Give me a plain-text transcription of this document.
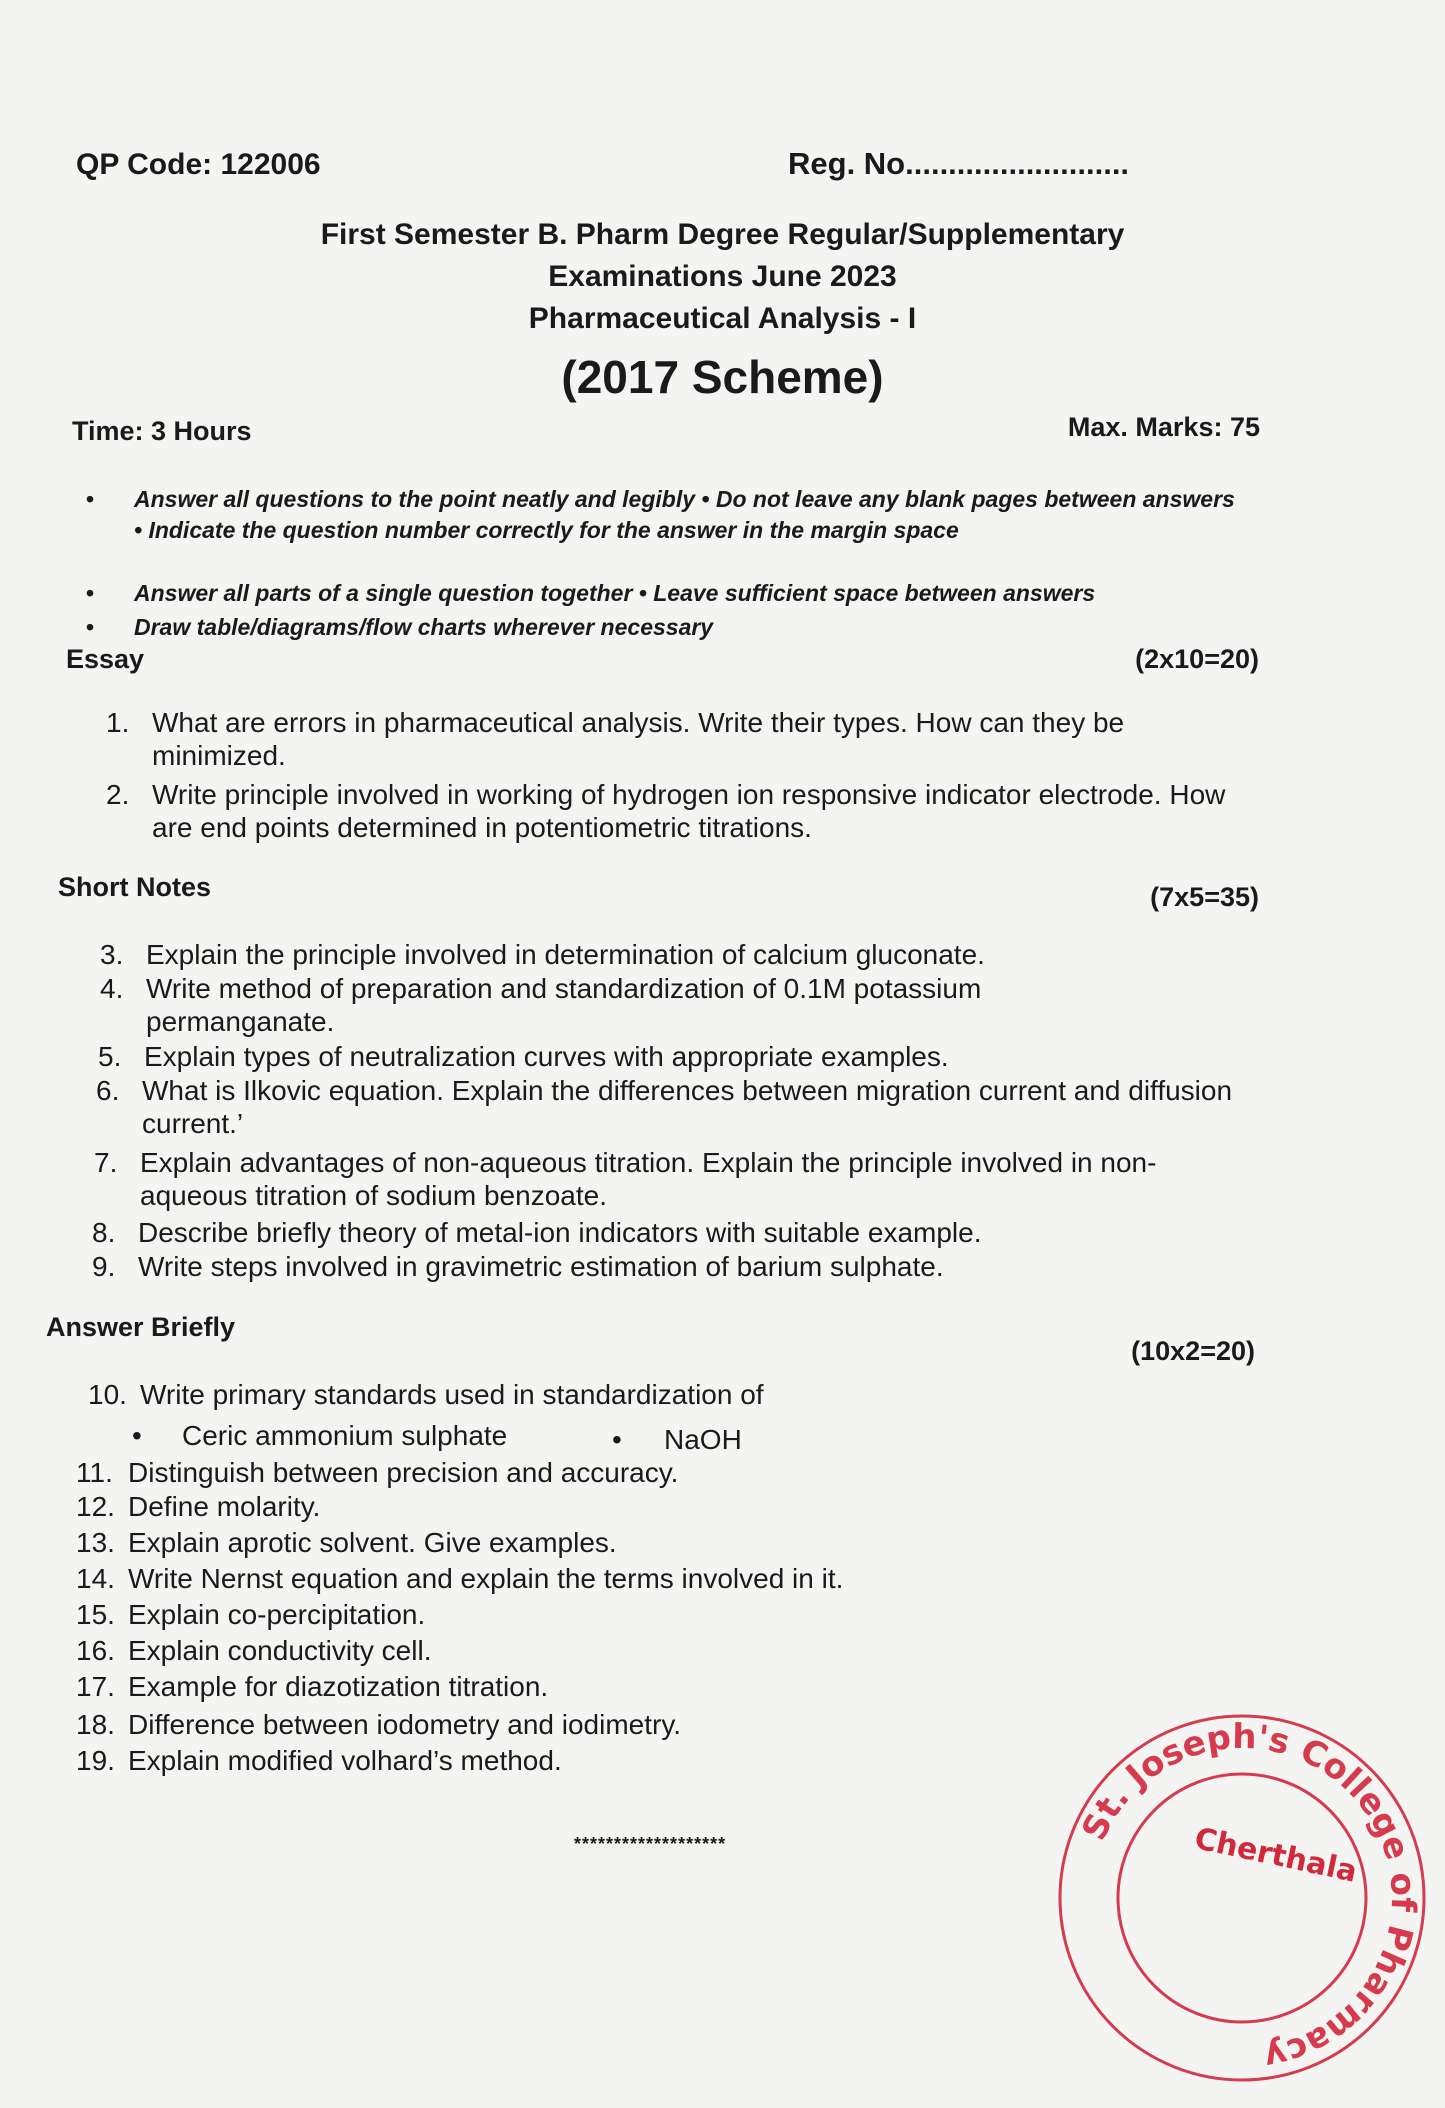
QP Code: 122006	Reg. No..........................
First Semester B. Pharm Degree Regular/Supplementary
Examinations June 2023
Pharmaceutical Analysis - I
(2017 Scheme)
Time: 3 Hours	Max. Marks: 75
• Answer all questions to the point neatly and legibly • Do not leave any blank pages between answers • Indicate the question number correctly for the answer in the margin space
• Answer all parts of a single question together • Leave sufficient space between answers
• Draw table/diagrams/flow charts wherever necessary
Essay	(2x10=20)
1. What are errors in pharmaceutical analysis. Write their types. How can they be minimized.
2. Write principle involved in working of hydrogen ion responsive indicator electrode. How are end points determined in potentiometric titrations.
Short Notes	(7x5=35)
3. Explain the principle involved in determination of calcium gluconate.
4. Write method of preparation and standardization of 0.1M potassium permanganate.
5. Explain types of neutralization curves with appropriate examples.
6. What is Ilkovic equation. Explain the differences between migration current and diffusion current.’
7. Explain advantages of non-aqueous titration. Explain the principle involved in non-aqueous titration of sodium benzoate.
8. Describe briefly theory of metal-ion indicators with suitable example.
9. Write steps involved in gravimetric estimation of barium sulphate.
Answer Briefly
(10x2=20)
10. Write primary standards used in standardization of
• Ceric ammonium sulphate	• NaOH
11. Distinguish between precision and accuracy.
12. Define molarity.
13. Explain aprotic solvent. Give examples.
14. Write Nernst equation and explain the terms involved in it.
15. Explain co-percipitation.
16. Explain conductivity cell.
17. Example for diazotization titration.
18. Difference between iodometry and iodimetry.
19. Explain modified volhard’s method.
*******************	St. Joseph's College of Pharmacy
Cherthala
